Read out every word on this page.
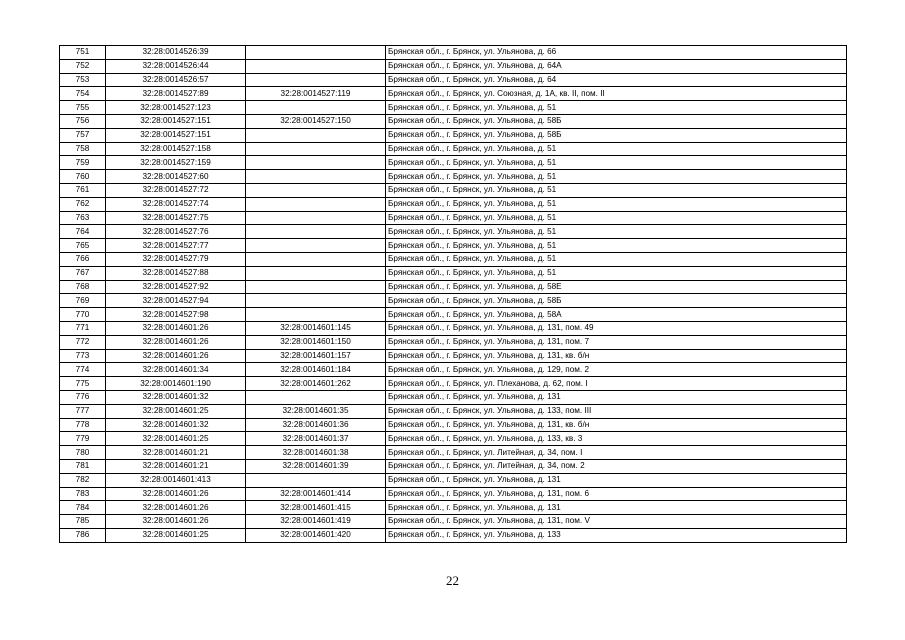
751	32:28:0014526:39		Брянская обл., г. Брянск, ул. Ульянова, д. 66
752	32:28:0014526:44		Брянская обл., г. Брянск, ул. Ульянова, д. 64А
753	32:28:0014526:57		Брянская обл., г. Брянск, ул. Ульянова, д. 64
754	32:28:0014527:89	32:28:0014527:119	Брянская обл., г. Брянск, ул. Союзная, д. 1А, кв. II, пом. II
755	32:28:0014527:123		Брянская обл., г. Брянск, ул. Ульянова, д. 51
756	32:28:0014527:151	32:28:0014527:150	Брянская обл., г. Брянск, ул. Ульянова, д. 58Б
757	32:28:0014527:151		Брянская обл., г. Брянск, ул. Ульянова, д. 58Б
758	32:28:0014527:158		Брянская обл., г. Брянск, ул. Ульянова, д. 51
759	32:28:0014527:159		Брянская обл., г. Брянск, ул. Ульянова, д. 51
760	32:28:0014527:60		Брянская обл., г. Брянск, ул. Ульянова, д. 51
761	32:28:0014527:72		Брянская обл., г. Брянск, ул. Ульянова, д. 51
762	32:28:0014527:74		Брянская обл., г. Брянск, ул. Ульянова, д. 51
763	32:28:0014527:75		Брянская обл., г. Брянск, ул. Ульянова, д. 51
764	32:28:0014527:76		Брянская обл., г. Брянск, ул. Ульянова, д. 51
765	32:28:0014527:77		Брянская обл., г. Брянск, ул. Ульянова, д. 51
766	32:28:0014527:79		Брянская обл., г. Брянск, ул. Ульянова, д. 51
767	32:28:0014527:88		Брянская обл., г. Брянск, ул. Ульянова, д. 51
768	32:28:0014527:92		Брянская обл., г. Брянск, ул. Ульянова, д. 58Е
769	32:28:0014527:94		Брянская обл., г. Брянск, ул. Ульянова, д. 58Б
770	32:28:0014527:98		Брянская обл., г. Брянск, ул. Ульянова, д. 58А
771	32:28:0014601:26	32:28:0014601:145	Брянская обл., г. Брянск, ул. Ульянова, д. 131, пом. 49
772	32:28:0014601:26	32:28:0014601:150	Брянская обл., г. Брянск, ул. Ульянова, д. 131, пом. 7
773	32:28:0014601:26	32:28:0014601:157	Брянская обл., г. Брянск, ул. Ульянова, д. 131, кв. б/н
774	32:28:0014601:34	32:28:0014601:184	Брянская обл., г. Брянск, ул. Ульянова, д. 129, пом. 2
775	32:28:0014601:190	32:28:0014601:262	Брянская обл., г. Брянск, ул. Плеханова, д. 62, пом. I
776	32:28:0014601:32		Брянская обл., г. Брянск, ул. Ульянова, д. 131
777	32:28:0014601:25	32:28:0014601:35	Брянская обл., г. Брянск, ул. Ульянова, д. 133, пом. III
778	32:28:0014601:32	32:28:0014601:36	Брянская обл., г. Брянск, ул. Ульянова, д. 131, кв. б/н
779	32:28:0014601:25	32:28:0014601:37	Брянская обл., г. Брянск, ул. Ульянова, д. 133, кв. 3
780	32:28:0014601:21	32:28:0014601:38	Брянская обл., г. Брянск, ул. Литейная, д. 34, пом. I
781	32:28:0014601:21	32:28:0014601:39	Брянская обл., г. Брянск, ул. Литейная, д. 34, пом. 2
782	32:28:0014601:413		Брянская обл., г. Брянск, ул. Ульянова, д. 131
783	32:28:0014601:26	32:28:0014601:414	Брянская обл., г. Брянск, ул. Ульянова, д. 131, пом. 6
784	32:28:0014601:26	32:28:0014601:415	Брянская обл., г. Брянск, ул. Ульянова, д. 131
785	32:28:0014601:26	32:28:0014601:419	Брянская обл., г. Брянск, ул. Ульянова, д. 131, пом. V
786	32:28:0014601:25	32:28:0014601:420	Брянская обл., г. Брянск, ул. Ульянова, д. 133
22
